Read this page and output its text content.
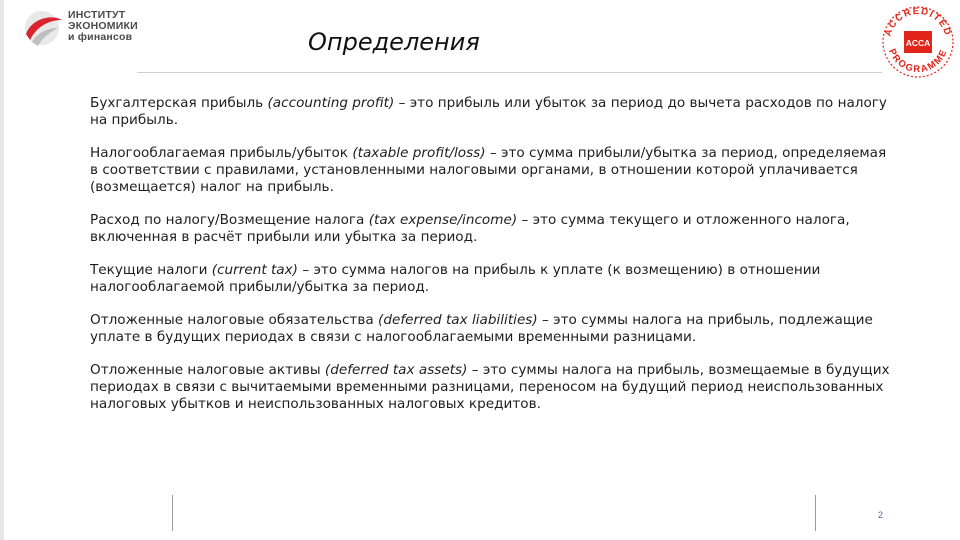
ИНСТИТУТ
ЭКОНОМИКИ
и финансов	Определения	ACCREDITED
PROGRAMME
ACCA

Бухгалтерская прибыль (accounting profit) – это прибыль или убыток за период до вычета расходов по налогу на прибыль.

Налогооблагаемая прибыль/убыток (taxable profit/loss) – это сумма прибыли/убытка за период, определяемая в соответствии с правилами, установленными налоговыми органами, в отношении которой уплачивается (возмещается) налог на прибыль.

Расход по налогу/Возмещение налога (tax expense/income) – это сумма текущего и отложенного налога, включенная в расчёт прибыли или убытка за период.

Текущие налоги (current tax) – это сумма налогов на прибыль к уплате (к возмещению) в отношении налогооблагаемой прибыли/убытка за период.

Отложенные налоговые обязательства (deferred tax liabilities) – это суммы налога на прибыль, подлежащие уплате в будущих периодах в связи с налогооблагаемыми временными разницами.

Отложенные налоговые активы (deferred tax assets) – это суммы налога на прибыль, возмещаемые в будущих периодах в связи с вычитаемыми временными разницами, переносом на будущий период неиспользованных налоговых убытков и неиспользованных налоговых кредитов.

2
